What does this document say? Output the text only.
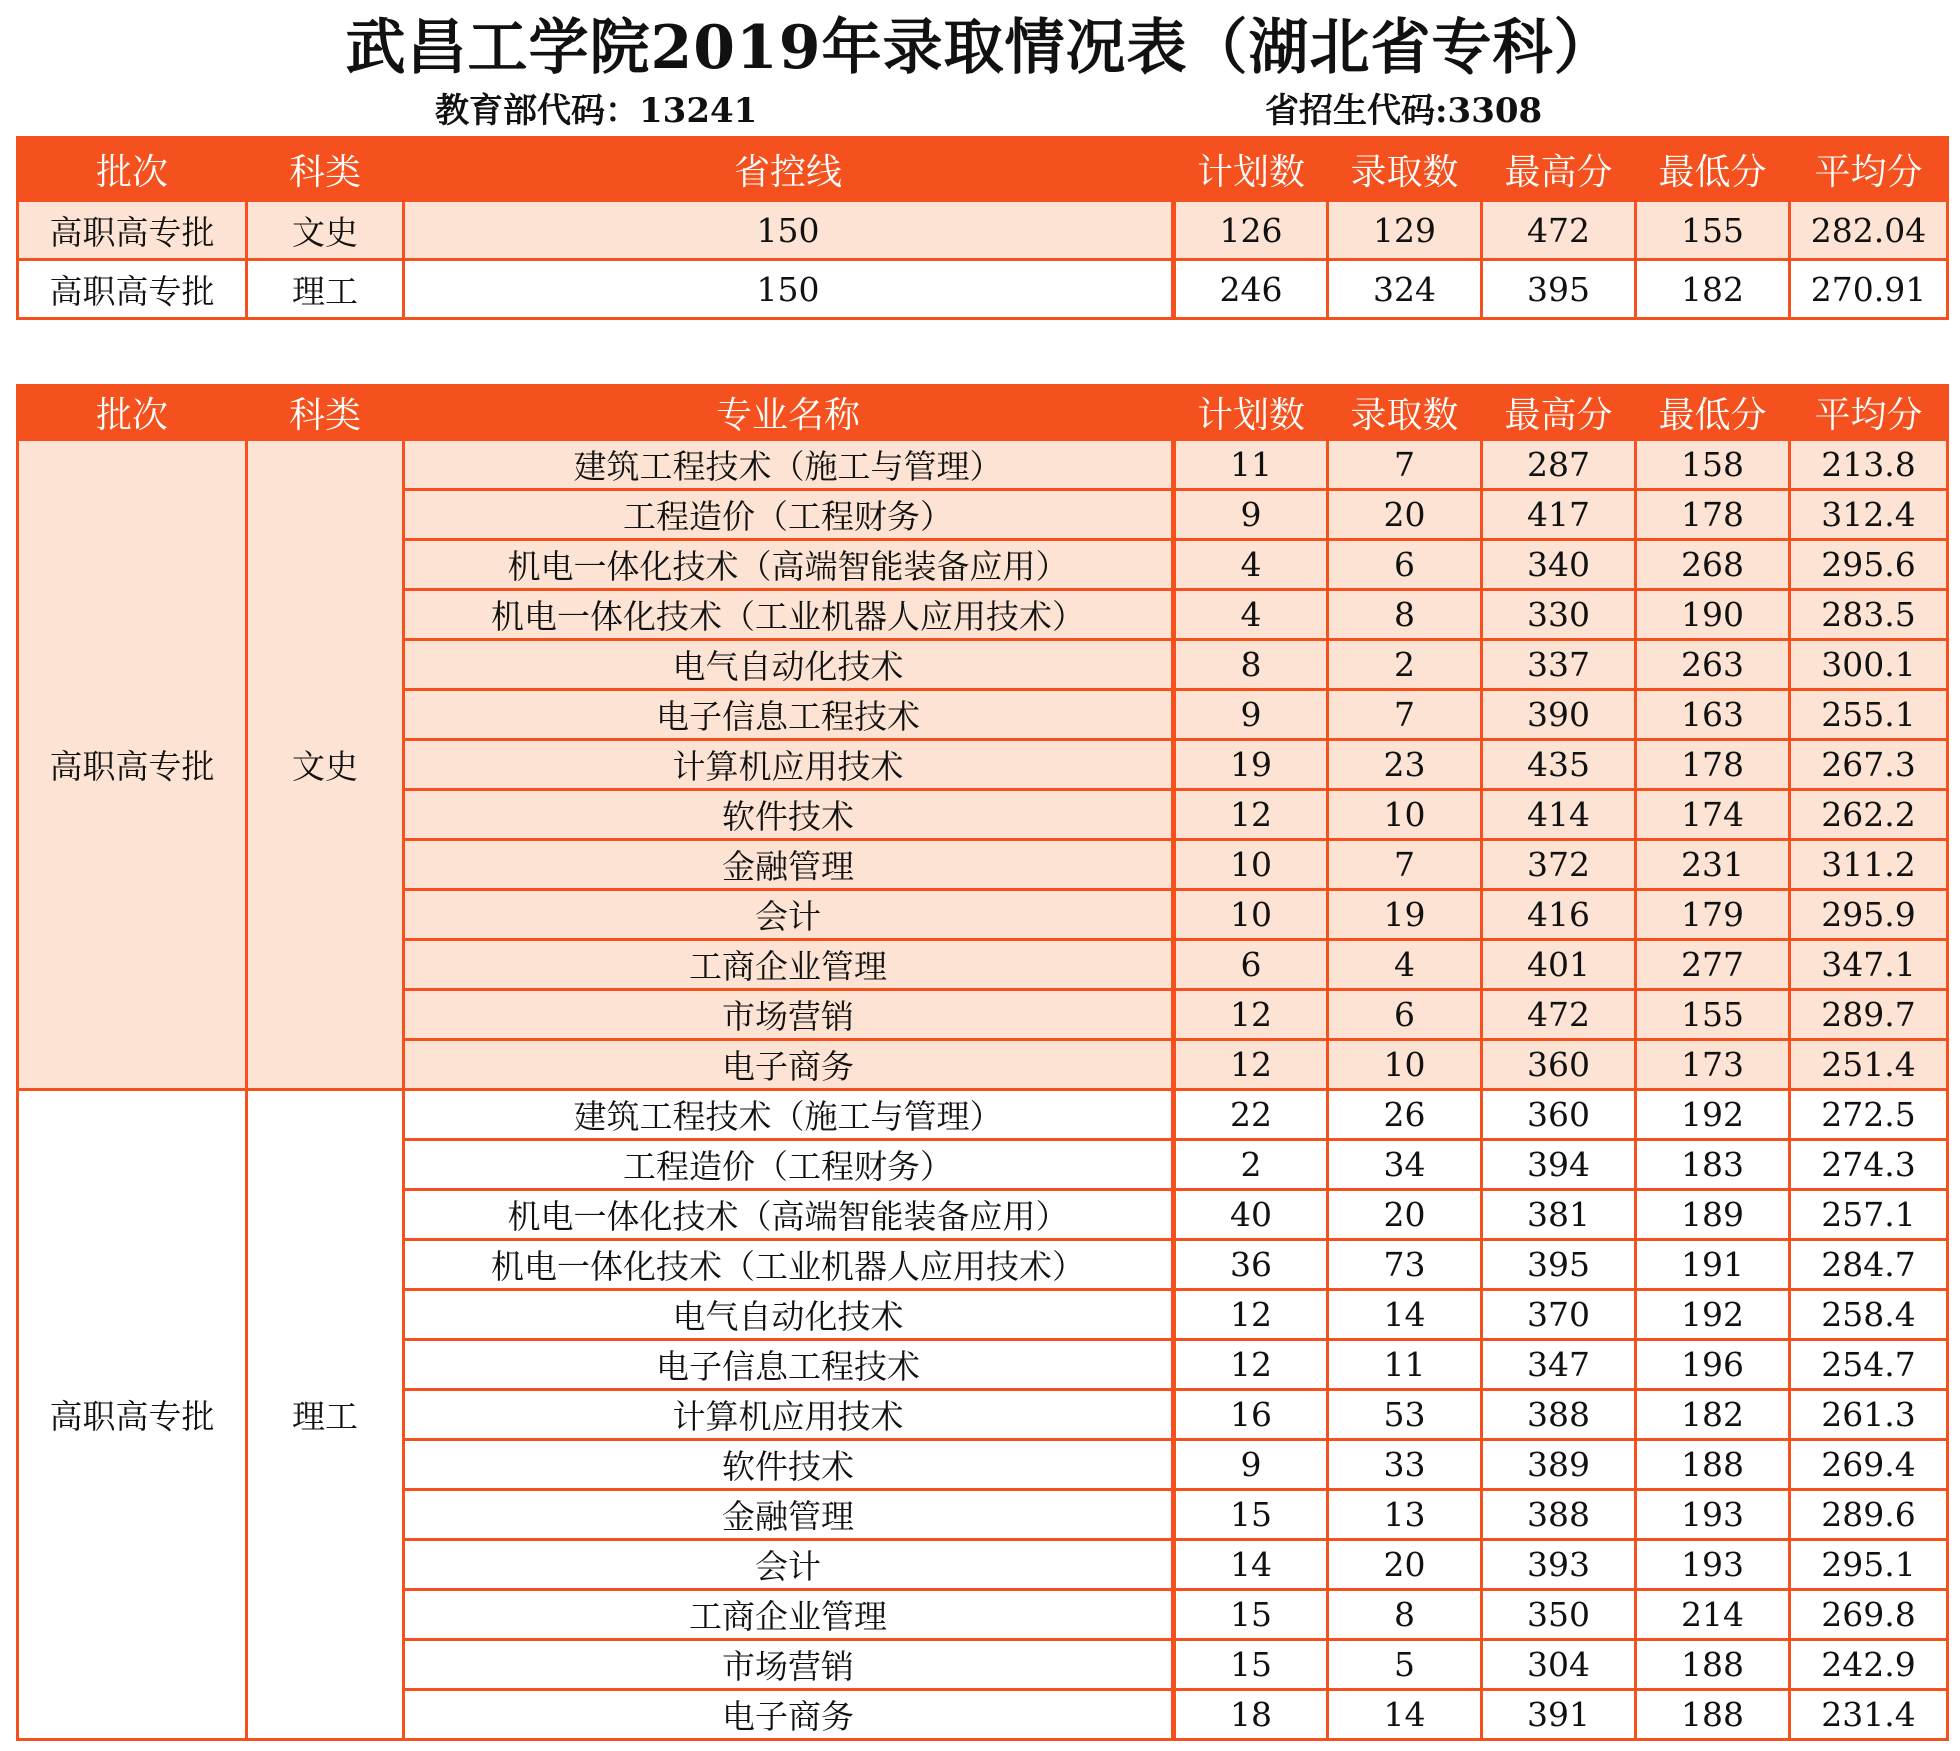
武昌工学院2019年录取情况表（湖北省专科）
教育部代码：13241	省招生代码:3308
批次	科类	省控线	计划数	录取数	最高分	最低分	平均分
高职高专批	文史	150	126	129	472	155	282.04
高职高专批	理工	150	246	324	395	182	270.91
批次	科类	专业名称	计划数	录取数	最高分	最低分	平均分
高职高专批	文史	建筑工程技术（施工与管理）	11	7	287	158	213.8
		工程造价（工程财务）	9	20	417	178	312.4
		机电一体化技术（高端智能装备应用）	4	6	340	268	295.6
		机电一体化技术（工业机器人应用技术）	4	8	330	190	283.5
		电气自动化技术	8	2	337	263	300.1
		电子信息工程技术	9	7	390	163	255.1
		计算机应用技术	19	23	435	178	267.3
		软件技术	12	10	414	174	262.2
		金融管理	10	7	372	231	311.2
		会计	10	19	416	179	295.9
		工商企业管理	6	4	401	277	347.1
		市场营销	12	6	472	155	289.7
		电子商务	12	10	360	173	251.4
高职高专批	理工	建筑工程技术（施工与管理）	22	26	360	192	272.5
		工程造价（工程财务）	2	34	394	183	274.3
		机电一体化技术（高端智能装备应用）	40	20	381	189	257.1
		机电一体化技术（工业机器人应用技术）	36	73	395	191	284.7
		电气自动化技术	12	14	370	192	258.4
		电子信息工程技术	12	11	347	196	254.7
		计算机应用技术	16	53	388	182	261.3
		软件技术	9	33	389	188	269.4
		金融管理	15	13	388	193	289.6
		会计	14	20	393	193	295.1
		工商企业管理	15	8	350	214	269.8
		市场营销	15	5	304	188	242.9
		电子商务	18	14	391	188	231.4
